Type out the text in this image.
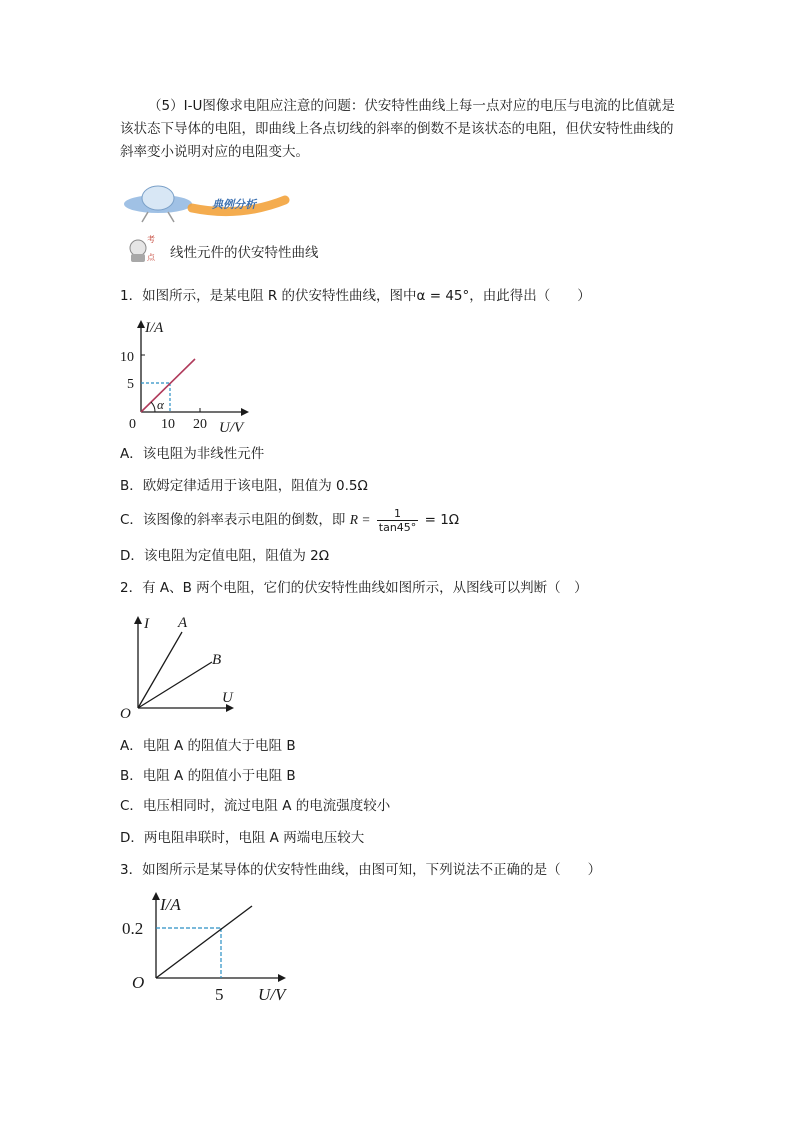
（5）I-U图像求电阻应注意的问题：伏安特性曲线上每一点对应的电压与电流的比值就是该状态下导体的电阻，即曲线上各点切线的斜率的倒数不是该状态的电阻，但伏安特性曲线的斜率变小说明对应的电阻变大。
典例分析
考
点 线性元件的伏安特性曲线
1．如图所示，是某电阻 R 的伏安特性曲线，图中α = 45°，由此得出（　　）
α
I/A
10
5
0 10 20 U/V
A．该电阻为非线性元件
B．欧姆定律适用于该电阻，阻值为 0.5Ω
C．该图像的斜率表示电阻的倒数，即 $R = \frac{1}{\tan 45^\circ} = 1\Omega$
D．该电阻为定值电阻，阻值为 2Ω
2．有 A、B 两个电阻，它们的伏安特性曲线如图所示，从图线可以判断（　）
I A
B
U
O
A．电阻 A 的阻值大于电阻 B
B．电阻 A 的阻值小于电阻 B
C．电压相同时，流过电阻 A 的电流强度较小
D．两电阻串联时，电阻 A 两端电压较大
3．如图所示是某导体的伏安特性曲线，由图可知，下列说法不正确的是（　　）
I/A
0.2
O
5 U/V
